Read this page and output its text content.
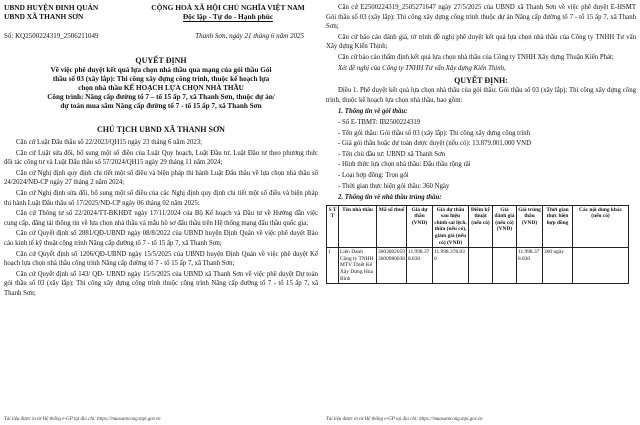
UBND HUYỆN ĐINH QUÁN
UBND XÃ THANH SƠN
CỘNG HOÀ XÃ HỘI CHỦ NGHĨA VIỆT NAM
Độc lập - Tự do - Hạnh phúc
Số: KQ2500224319_2506211049	Thanh Sơn, ngày 21 tháng 6 năm 2025
QUYẾT ĐỊNH
Về việc phê duyệt kết quả lựa chọn nhà thầu qua mạng của gói thầu Gói
thầu số 03 (xây lắp): Thi công xây dựng công trình, thuộc kế hoạch lựa
chọn nhà thầu KẾ HOẠCH LỰA CHỌN NHÀ THẦU
Công trình: Nâng cấp đường tổ 7 – tổ 15 ấp 7, xã Thanh Sơn, thuộc dự án/
dự toán mua sắm Nâng cấp đường tổ 7 - tổ 15 ấp 7, xã Thanh Sơn
CHỦ TỊCH UBND XÃ THANH SƠN

Căn cứ Luật Đấu thầu số 22/2023/QH15 ngày 23 tháng 6 năm 2023;

Căn cứ Luật sửa đổi, bổ sung một số điều của Luật Quy hoạch, Luật Đầu tư, Luật Đầu tư theo phương thức đối tác công tư và Luật Đấu thầu số 57/2024/QH15 ngày 29 tháng 11 năm 2024;

Căn cứ Nghị định quy định chi tiết một số điều và biện pháp thi hành Luật Đấu thầu về lựa chọn nhà thầu số 24/2024/NĐ-CP ngày 27 tháng 2 năm 2024;

Căn cứ Nghị định sửa đổi, bổ sung một số điều của các Nghị định quy định chi tiết một số điều và biện pháp thi hành Luật Đấu thầu số 17/2025/NĐ-CP ngày 06 tháng 02 năm 2025;

Căn cứ Thông tư số 22/2024/TT-BKHĐT ngày 17/11/2024 của Bộ Kế hoạch và Đầu tư về Hướng dẫn việc cung cấp, đăng tải thông tin về lựa chọn nhà thầu và mẫu hồ sơ đấu thầu trên Hệ thống mạng đấu thầu quốc gia;

Căn cứ Quyết định số 2881/QĐ-UBND ngày 08/8/2022 của UBND huyện Định Quán về việc phê duyệt Báo cáo kinh tế kỹ thuật công trình Nâng cấp đường tổ 7 - tổ 15 ấp 7, xã Thanh Sơn;

Căn cứ Quyết định số 1206/QĐ-UBND ngày 15/5/2025 của UBND huyện Định Quán về việc phê duyệt Kế hoạch lựa chọn nhà thầu công trình Nâng cấp đường tổ 7 - tổ 15 ấp 7, xã Thanh Sơn;

Căn cứ Quyết định số 143/ QĐ- UBND ngày 15/5/2025 của UBND xã Thanh Sơn về việc phê duyệt Dự toán gói thầu số 03 (xây lắp): Thi công xây dựng công trình thuộc công trình Nâng cấp đường tổ 7 - tổ 15 ấp 7, xã Thanh Sơn;

Căn cứ E2500224319_2505271647 ngày 27/5/2025 của UBND xã Thanh Sơn về việc phê duyệt E-HSMT Gói thầu số 03 (xây lắp): Thi công xây dựng công trình thuộc dự án Nâng cấp đường tổ 7 - tổ 15 ấp 7, xã Thanh Sơn;

Căn cứ báo cáo đánh giá, tờ trình đề nghị phê duyệt kết quả lựa chọn nhà thầu của Công ty TNHH Tư vấn Xây dựng Kiến Thịnh;

Căn cứ báo cáo thẩm định kết quả lựa chọn nhà thầu của Công ty TNHH Xây dựng Thuận Kiến Phát;

Xét đề nghị của Công ty TNHH Tư vấn Xây dựng Kiến Thịnh,

QUYẾT ĐỊNH:

Điều 1. Phê duyệt kết quả lựa chọn nhà thầu của gói thầu: Gói thầu số 03 (xây lắp): Thi công xây dựng công trình, thuộc kế hoạch lựa chọn nhà thầu, bao gồm:

1. Thông tin về gói thầu:
- Số E-TBMT: IB2500224319
- Tên gói thầu: Gói thầu số 03 (xây lắp): Thi công xây dựng công trình
- Giá gói thầu hoặc dự toán được duyệt (nếu có): 13.879.001.000 VND
- Tên chủ đầu tư: UBND xã Thanh Sơn
- Hình thức lựa chọn nhà thầu: Đấu thầu rộng rãi
- Loại hợp đồng: Trọn gói
- Thời gian thực hiện gói thầu: 360 Ngày
2. Thông tin về nhà thầu trúng thầu:
S T T	Tên nhà thầu	Mã số thuế	Giá dự thầu (VND)	Giá dự thầu sau hiệu chỉnh sai lệch, thừa (nếu có), giảm giá (nếu có) (VND)	Điểm kỹ thuật (nếu có)	Giá đánh giá (nếu có) (VND)	Giá trúng thầu (VND)	Thời gian thực hiện hợp đồng	Các nội dung khác (nếu có)
1	Liên Danh Công ty TNHH MTV Thiết Kế Xây Dựng Hòa Bình	3603002059 3600980038	11.998.378.830	11.998.378.830			11.998.378.830	360 ngày	
Tài liệu được in từ Hệ thống e-GP tại địa chỉ: https://muasamcong.mpi.gov.vn	Tài liệu được in từ Hệ thống e-GP tại địa chỉ: https://muasamcong.mpi.gov.vn
